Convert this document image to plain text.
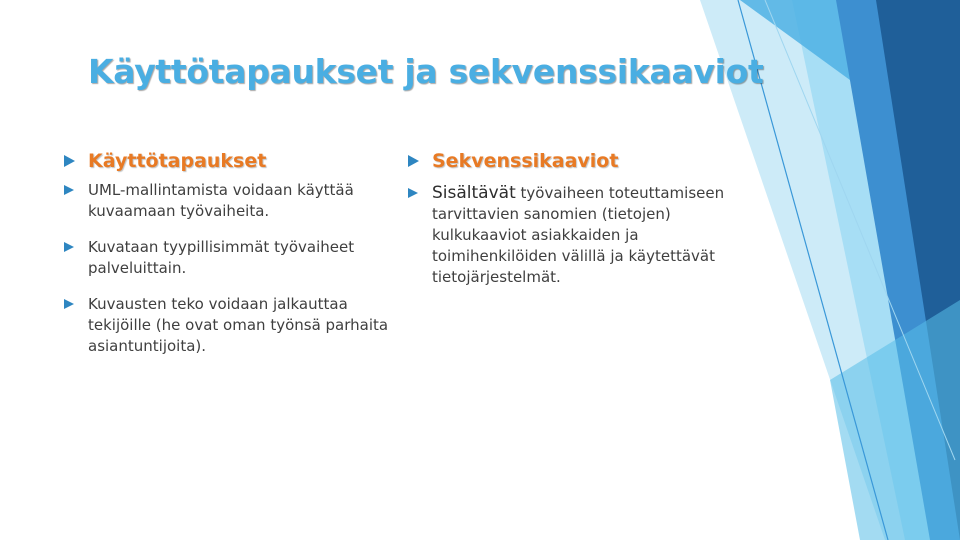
Käyttötapaukset ja sekvenssikaaviot
Käyttötapaukset
UML-mallintamista voidaan käyttää kuvaamaan työvaiheita.
Kuvataan tyypillisimmät työvaiheet palveluittain.
Kuvausten teko voidaan jalkauttaa tekijöille (he ovat oman työnsä parhaita asiantuntijoita).
Sekvenssikaaviot
Sisältävät työvaiheen toteuttamiseen tarvittavien sanomien (tietojen) kulkukaaviot asiakkaiden ja toimihenkilöiden välillä ja käytettävät tietojärjestelmät.
